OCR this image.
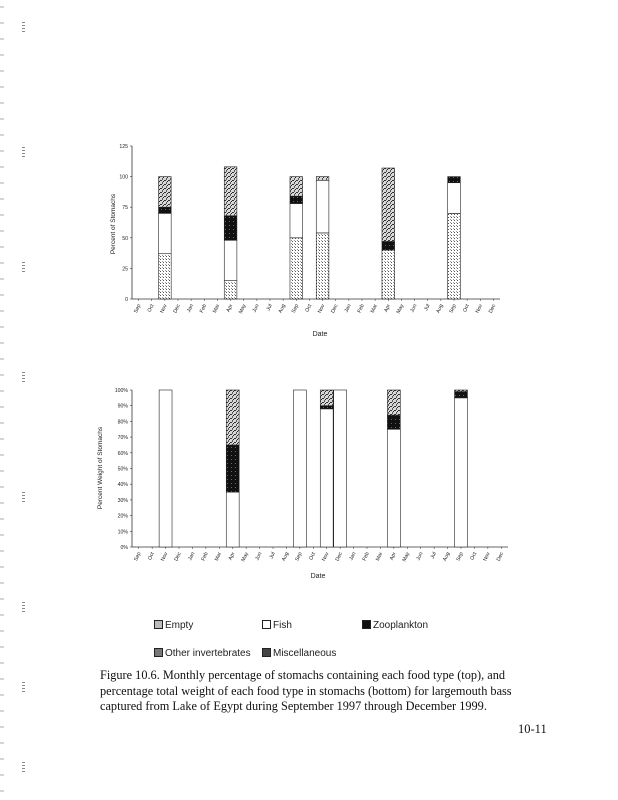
0
25
50
75
100
125
Sep Oct Nov Dec Jan Feb Mar Apr May Jun Jul Aug Sep Oct Nov Dec Jan Feb Mar Apr May Jun Jul Aug Sep Oct Nov Dec
Percent of Stomachs
Date
0%
10%
20%
30%
40%
50%
60%
70%
80%
90%
100%
Sep Oct Nov Dec Jan Feb Mar Apr May Jun Jul Aug Sep Oct Nov Dec Jan Feb Mar Apr May Jun Jul Aug Sep Oct Nov Dec
Percent Weight of Stomachs
Date
Empty	Fish	Zooplankton
Other invertebrates	Miscellaneous
Figure 10.6. Monthly percentage of stomachs containing each food type (top), and percentage total weight of each food type in stomachs (bottom) for largemouth bass captured from Lake of Egypt during September 1997 through December 1999.
10-11
